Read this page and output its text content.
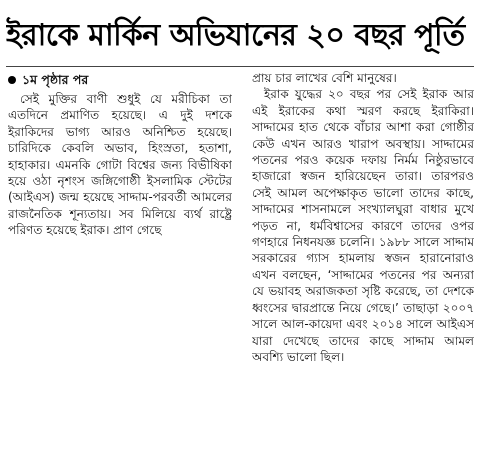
ইরাকে মার্কিন অভিযানের ২০ বছর পূর্তি
১ম পৃষ্ঠার পর

সেই মুক্তির বাণী শুধুই যে মরীচিকা তা এতদিনে প্রমাণিত হয়েছে। এ দুই দশকে ইরাকিদের ভাগ্য আরও অনিশ্চিত হয়েছে। চারিদিকে কেবলি অভাব, হিংস্রতা, হতাশা, হাহাকার। এমনকি গোটা বিশ্বের জন্য বিভীষিকা হয়ে ওঠা নৃশংস জঙ্গিগোষ্ঠী ইসলামিক স্টেটের (আইএস) জন্ম হয়েছে সাদ্দাম-পরবর্তী আমলের রাজনৈতিক শূন্যতায়। সব মিলিয়ে ব্যর্থ রাষ্ট্রে পরিণত হয়েছে ইরাক। প্রাণ গেছে

প্রায় চার লাখের বেশি মানুষের।

ইরাক যুদ্ধের ২০ বছর পর সেই ইরাক আর এই ইরাকের কথা স্মরণ করছে ইরাকিরা। সাদ্দামের হাত থেকে বাঁচার আশা করা গোষ্ঠীর কেউ এখন আরও খারাপ অবস্থায়। সাদ্দামের পতনের পরও কয়েক দফায় নির্মম নিষ্ঠুরভাবে হাজারো স্বজন হারিয়েছেন তারা। তারপরও সেই আমল অপেক্ষাকৃত ভালো তাদের কাছে, সাদ্দামের শাসনামলে সংখ্যালঘুরা বাধার মুখে পড়ত না, ধর্মবিশ্বাসের কারণে তাদের ওপর গণহারে নিধনযজ্ঞ চলেনি। ১৯৮৮ সালে সাদ্দাম সরকারের গ্যাস হামলায় স্বজন হারানোরাও এখন বলছেন, ‘সাদ্দামের পতনের পর অন্যরা যে ভয়াবহ অরাজকতা সৃষ্টি করেছে, তা দেশকে ধ্বংসের দ্বারপ্রান্তে নিয়ে গেছে।’ তাছাড়া ২০০৭ সালে আল-কায়েদা এবং ২০১৪ সালে আইএস যারা দেখেছে তাদের কাছে সাদ্দাম আমল অবশ্যি ভালো ছিল।
